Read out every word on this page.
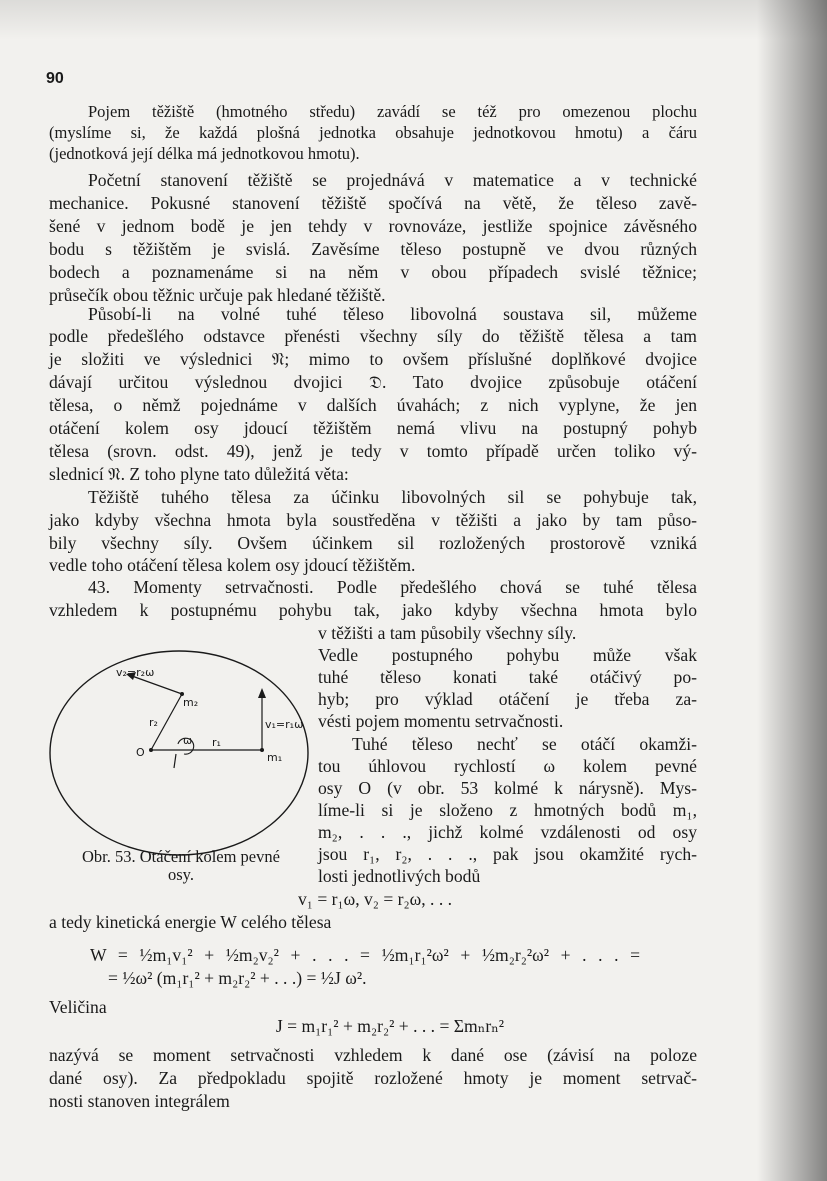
90
Pojem těžiště (hmotného středu) zavádí se též pro omezenou plochu
(myslíme si, že každá plošná jednotka obsahuje jednotkovou hmotu) a čáru
(jednotková její délka má jednotkovou hmotu).
Početní stanovení těžiště se projednává v matematice a v technické
mechanice. Pokusné stanovení těžiště spočívá na větě, že těleso zavě-
šené v jednom bodě je jen tehdy v rovnováze, jestliže spojnice závěsného
bodu s těžištěm je svislá. Zavěsíme těleso postupně ve dvou různých
bodech a poznamenáme si na něm v obou případech svislé těžnice;
průsečík obou těžnic určuje pak hledané těžiště.
Působí-li na volné tuhé těleso libovolná soustava sil, můžeme
podle předešlého odstavce přenésti všechny síly do těžiště tělesa a tam
je složiti ve výslednici 𝔑; mimo to ovšem příslušné doplňkové dvojice
dávají určitou výslednou dvojici 𝔇. Tato dvojice způsobuje otáčení
tělesa, o němž pojednáme v dalších úvahách; z nich vyplyne, že jen
otáčení kolem osy jdoucí těžištěm nemá vlivu na postupný pohyb
tělesa (srovn. odst. 49), jenž je tedy v tomto případě určen toliko vý-
slednicí 𝔑. Z toho plyne tato důležitá věta:
Těžiště tuhého tělesa za účinku libovolných sil se pohybuje tak,
jako kdyby všechna hmota byla soustředěna v těžišti a jako by tam půso-
bily všechny síly. Ovšem účinkem sil rozložených prostorově vzniká
vedle toho otáčení tělesa kolem osy jdoucí těžištěm.
43. Momenty setrvačnosti. Podle předešlého chová se tuhé tělesa
vzhledem k postupnému pohybu tak, jako kdyby všechna hmota bylo
v těžišti a tam působily všechny síly.
Vedle postupného pohybu může však
tuhé těleso konati také otáčivý po-
hyb; pro výklad otáčení je třeba za-
vésti pojem momentu setrvačnosti.
Tuhé těleso nechť se otáčí okamži-
tou úhlovou rychlostí ω kolem pevné
osy O (v obr. 53 kolmé k nárysně). Mys-
líme-li si je složeno z hmotných bodů m₁,
m₂, . . ., jichž kolmé vzdálenosti od osy
jsou r₁, r₂, . . ., pak jsou okamžité rych-
losti jednotlivých bodů
v₂=r₂ω
m₂
r₂	v₁=r₁ω
ω r₁
m₁
O
Obr. 53. Otáčení kolem pevné
osy.
v₁ = r₁ω, v₂ = r₂ω, . . .
a tedy kinetická energie W celého tělesa
W = ½m₁v₁² + ½m₂v₂² + . . . = ½m₁r₁²ω² + ½m₂r₂²ω² + . . . =
= ½ω² (m₁r₁² + m₂r₂² + . . .) = ½J ω².
Veličina
J = m₁r₁² + m₂r₂² + . . . = Σmₙrₙ²
nazývá se moment setrvačnosti vzhledem k dané ose (závisí na poloze
dané osy). Za předpokladu spojitě rozložené hmoty je moment setrvač-
nosti stanoven integrálem
